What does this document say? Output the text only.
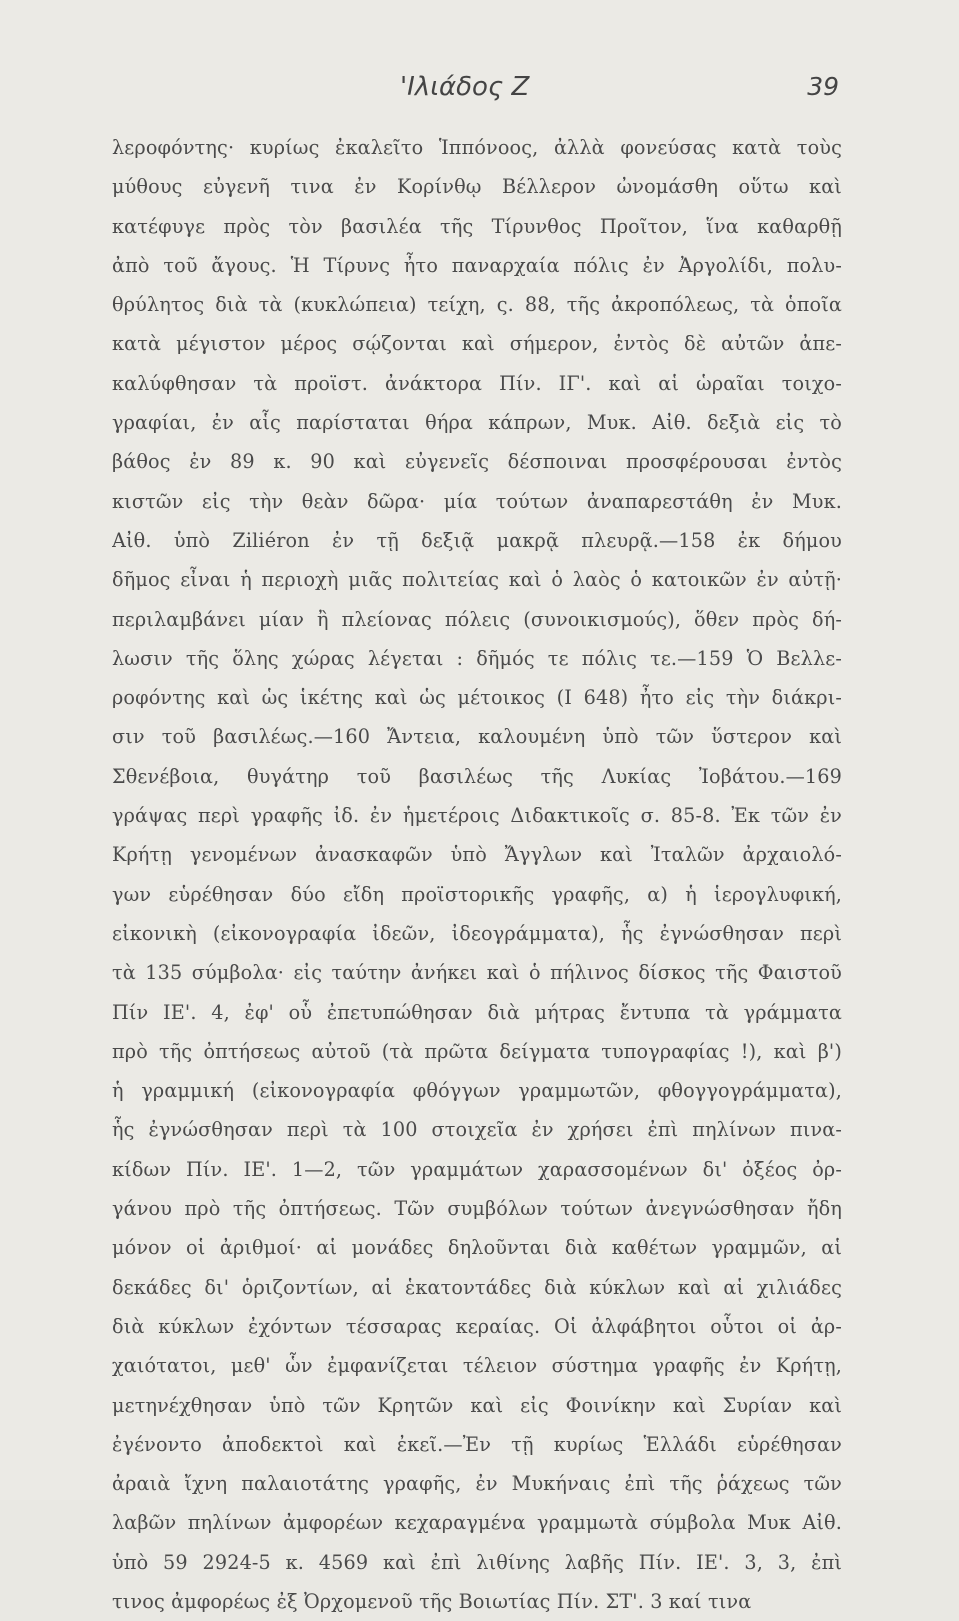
'Ιλιάδος Ζ	39
λεροφόντης· κυρίως ἐκαλεῖτο Ἱππόνοος, ἀλλὰ φονεύσας κατὰ τοὺς
μύθους εὐγενῆ τινα ἐν Κορίνθῳ Βέλλερον ὠνομάσθη οὕτω καὶ
κατέφυγε πρὸς τὸν βασιλέα τῆς Τίρυνθος Προῖτον, ἵνα καθαρθῇ
ἀπὸ τοῦ ἄγους. Ἡ Τίρυνς ἦτο παναρχαία πόλις ἐν Ἀργολίδι, πολυ-
θρύλητος διὰ τὰ (κυκλώπεια) τείχη, ς. 88, τῆς ἀκροπόλεως, τὰ ὁποῖα
κατὰ μέγιστον μέρος σῴζονται καὶ σήμερον, ἐντὸς δὲ αὐτῶν ἀπε-
καλύφθησαν τὰ προϊστ. ἀνάκτορα Πίν. ΙΓ'. καὶ αἱ ὡραῖαι τοιχο-
γραφίαι, ἐν αἷς παρίσταται θήρα κάπρων, Μυκ. Αἰθ. δεξιὰ εἰς τὸ
βάθος ἐν 89 κ. 90 καὶ εὐγενεῖς δέσποιναι προσφέρουσαι ἐντὸς
κιστῶν εἰς τὴν θεὰν δῶρα· μία τούτων ἀναπαρεστάθη ἐν Μυκ.
Αἰθ. ὑπὸ Ziliéron ἐν τῇ δεξιᾷ μακρᾷ πλευρᾷ.—158 ἐκ δήμου
δῆμος εἶναι ἡ περιοχὴ μιᾶς πολιτείας καὶ ὁ λαὸς ὁ κατοικῶν ἐν αὐτῇ·
περιλαμβάνει μίαν ἢ πλείονας πόλεις (συνοικισμούς), ὅθεν πρὸς δή-
λωσιν τῆς ὅλης χώρας λέγεται : δῆμός τε πόλις τε.—159 Ὁ Βελλε-
ροφόντης καὶ ὡς ἱκέτης καὶ ὡς μέτοικος (Ι 648) ἦτο εἰς τὴν διάκρι-
σιν τοῦ βασιλέως.—160 Ἄντεια, καλουμένη ὑπὸ τῶν ὕστερον καὶ
Σθενέβοια, θυγάτηρ τοῦ βασιλέως τῆς Λυκίας Ἰοβάτου.—169
γράψας περὶ γραφῆς ἰδ. ἐν ἡμετέροις Διδακτικοῖς σ. 85-8. Ἐκ τῶν ἐν
Κρήτῃ γενομένων ἀνασκαφῶν ὑπὸ Ἄγγλων καὶ Ἰταλῶν ἀρχαιολό-
γων εὑρέθησαν δύο εἴδη προϊστορικῆς γραφῆς, α) ἡ ἱερογλυφική,
εἰκονικὴ (εἰκονογραφία ἰδεῶν, ἰδεογράμματα), ἧς ἐγνώσθησαν περὶ
τὰ 135 σύμβολα· εἰς ταύτην ἀνήκει καὶ ὁ πήλινος δίσκος τῆς Φαιστοῦ
Πίν ΙΕ'. 4, ἐφ' οὗ ἐπετυπώθησαν διὰ μήτρας ἔντυπα τὰ γράμματα
πρὸ τῆς ὀπτήσεως αὐτοῦ (τὰ πρῶτα δείγματα τυπογραφίας !), καὶ β')
ἡ γραμμική (εἰκονογραφία φθόγγων γραμμωτῶν, φθογγογράμματα),
ἧς ἐγνώσθησαν περὶ τὰ 100 στοιχεῖα ἐν χρήσει ἐπὶ πηλίνων πινα-
κίδων Πίν. ΙΕ'. 1—2, τῶν γραμμάτων χαρασσομένων δι' ὀξέος ὀρ-
γάνου πρὸ τῆς ὀπτήσεως. Τῶν συμβόλων τούτων ἀνεγνώσθησαν ἤδη
μόνον οἱ ἀριθμοί· αἱ μονάδες δηλοῦνται διὰ καθέτων γραμμῶν, αἱ
δεκάδες δι' ὁριζοντίων, αἱ ἑκατοντάδες διὰ κύκλων καὶ αἱ χιλιάδες
διὰ κύκλων ἐχόντων τέσσαρας κεραίας. Οἱ ἀλφάβητοι οὗτοι οἱ ἀρ-
χαιότατοι, μεθ' ὧν ἐμφανίζεται τέλειον σύστημα γραφῆς ἐν Κρήτῃ,
μετηνέχθησαν ὑπὸ τῶν Κρητῶν καὶ εἰς Φοινίκην καὶ Συρίαν καὶ
ἐγένοντο ἀποδεκτοὶ καὶ ἐκεῖ.—Ἐν τῇ κυρίως Ἑλλάδι εὑρέθησαν
ἀραιὰ ἴχνη παλαιοτάτης γραφῆς, ἐν Μυκήναις ἐπὶ τῆς ῥάχεως τῶν
λαβῶν πηλίνων ἀμφορέων κεχαραγμένα γραμμωτὰ σύμβολα Μυκ Αἰθ.
ὑπὸ 59 2924-5 κ. 4569 καὶ ἐπὶ λιθίνης λαβῆς Πίν. ΙΕ'. 3, 3, ἐπὶ
τινος ἀμφορέως ἐξ Ὀρχομενοῦ τῆς Βοιωτίας Πίν. ΣΤ'. 3 καί τινα
